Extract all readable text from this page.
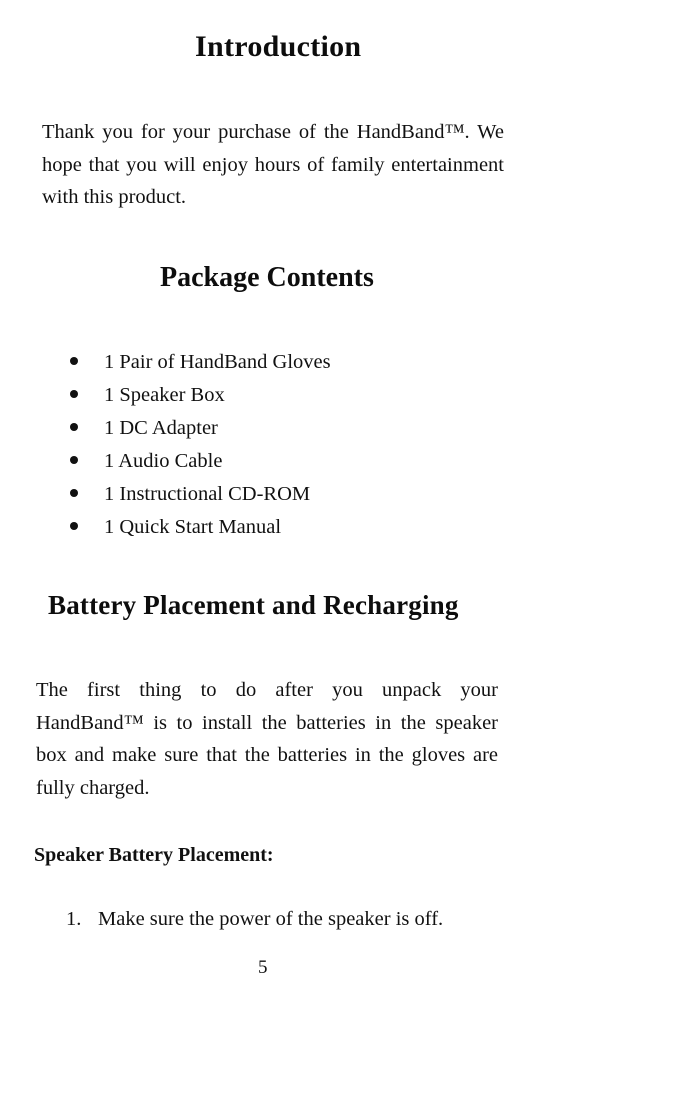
Introduction
Thank you for your purchase of the HandBand™. We hope that you will enjoy hours of family entertainment with this product.
Package Contents
1 Pair of HandBand Gloves
1 Speaker Box
1 DC Adapter
1 Audio Cable
1 Instructional CD-ROM
1 Quick Start Manual
Battery Placement and Recharging
The first thing to do after you unpack your HandBand™ is to install the batteries in the speaker box and make sure that the batteries in the gloves are fully charged.
Speaker Battery Placement:
1. Make sure the power of the speaker is off.
5
